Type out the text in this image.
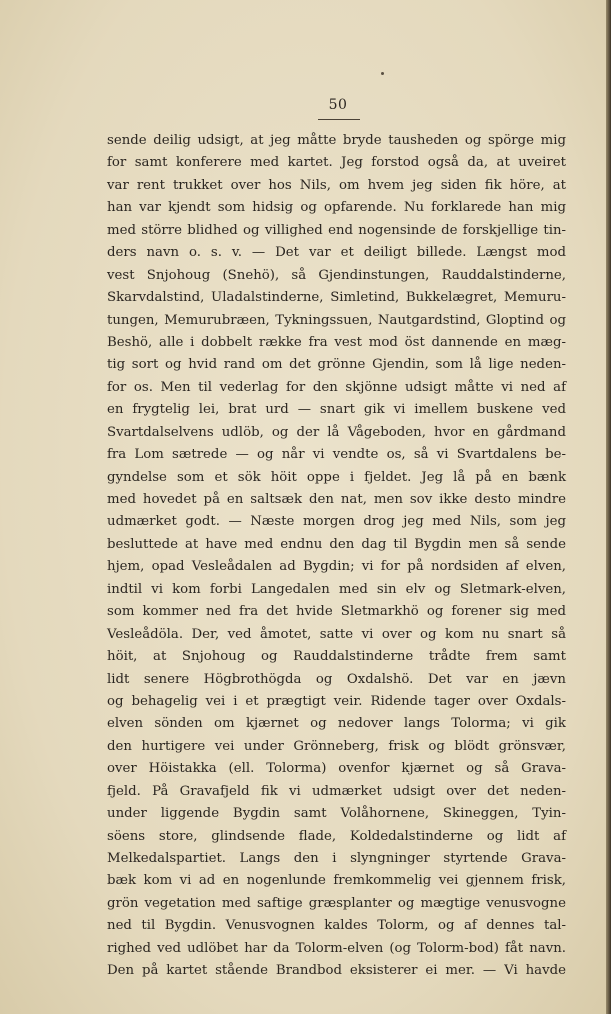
50
sende deilig udsigt, at jeg måtte bryde tausheden og spörge mig
for samt konferere med kartet. Jeg forstod også da, at uveiret
var rent trukket over hos Nils, om hvem jeg siden fik höre, at
han var kjendt som hidsig og opfarende. Nu forklarede han mig
med större blidhed og villighed end nogensinde de forskjellige tin-
ders navn o. s. v. — Det var et deiligt billede. Længst mod
vest Snjohoug (Snehö), så Gjendinstungen, Rauddalstinderne,
Skarvdalstind, Uladalstinderne, Simletind, Bukkelægret, Memuru-
tungen, Memurubræen, Tykningssuen, Nautgardstind, Gloptind og
Beshö, alle i dobbelt række fra vest mod öst dannende en mæg-
tig sort og hvid rand om det grönne Gjendin, som lå lige neden-
for os. Men til vederlag for den skjönne udsigt måtte vi ned af
en frygtelig lei, brat urd — snart gik vi imellem buskene ved
Svartdalselvens udlöb, og der lå Vågeboden, hvor en gårdmand
fra Lom sætrede — og når vi vendte os, så vi Svartdalens be-
gyndelse som et sök höit oppe i fjeldet. Jeg lå på en bænk
med hovedet på en saltsæk den nat, men sov ikke desto mindre
udmærket godt. — Næste morgen drog jeg med Nils, som jeg
besluttede at have med endnu den dag til Bygdin men så sende
hjem, opad Vesleådalen ad Bygdin; vi for på nordsiden af elven,
indtil vi kom forbi Langedalen med sin elv og Sletmark-elven,
som kommer ned fra det hvide Sletmarkhö og forener sig med
Vesleådöla. Der, ved åmotet, satte vi over og kom nu snart så
höit, at Snjohoug og Rauddalstinderne trådte frem samt
lidt senere Högbrothögda og Oxdalshö. Det var en jævn
og behagelig vei i et prægtigt veir. Ridende tager over Oxdals-
elven sönden om kjærnet og nedover langs Tolorma; vi gik
den hurtigere vei under Grönneberg, frisk og blödt grönsvær,
over Höistakka (ell. Tolorma) ovenfor kjærnet og så Grava-
fjeld. På Gravafjeld fik vi udmærket udsigt over det neden-
under liggende Bygdin samt Volåhornene, Skineggen, Tyin-
söens store, glindsende flade, Koldedalstinderne og lidt af
Melkedalspartiet. Langs den i slyngninger styrtende Grava-
bæk kom vi ad en nogenlunde fremkommelig vei gjennem frisk,
grön vegetation med saftige græsplanter og mægtige venusvogne
ned til Bygdin. Venusvognen kaldes Tolorm, og af dennes tal-
righed ved udlöbet har da Tolorm-elven (og Tolorm-bod) fåt navn.
Den på kartet stående Brandbod eksisterer ei mer. — Vi havde
